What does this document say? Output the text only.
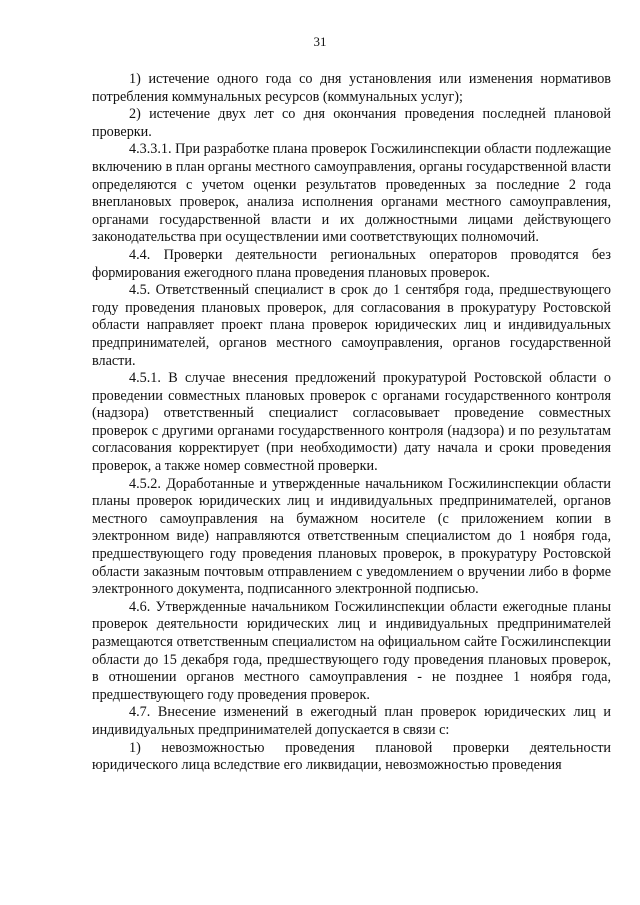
31

1) истечение одного года со дня установления или изменения нормативов потребления коммунальных ресурсов (коммунальных услуг);

2) истечение двух лет со дня окончания проведения последней плановой проверки.

4.3.3.1. При разработке плана проверок Госжилинспекции области подлежащие включению в план органы местного самоуправления, органы государственной власти определяются с учетом оценки результатов проведенных за последние 2 года внеплановых проверок, анализа исполнения органами местного самоуправления, органами государственной власти и их должностными лицами действующего законодательства при осуществлении ими соответствующих полномочий.

4.4. Проверки деятельности региональных операторов проводятся без формирования ежегодного плана проведения плановых проверок.

4.5. Ответственный специалист в срок до 1 сентября года, предшествующего году проведения плановых проверок, для согласования в прокуратуру Ростовской области направляет проект плана проверок юридических лиц и индивидуальных предпринимателей, органов местного самоуправления, органов государственной власти.

4.5.1. В случае внесения предложений прокуратурой Ростовской области о проведении совместных плановых проверок с органами государственного контроля (надзора) ответственный специалист согласовывает проведение совместных проверок с другими органами государственного контроля (надзора) и по результатам согласования корректирует (при необходимости) дату начала и сроки проведения проверок, а также номер совместной проверки.

4.5.2. Доработанные и утвержденные начальником Госжилинспекции области планы проверок юридических лиц и индивидуальных предпринимателей, органов местного самоуправления на бумажном носителе (с приложением копии в электронном виде) направляются ответственным специалистом до 1 ноября года, предшествующего году проведения плановых проверок, в прокуратуру Ростовской области заказным почтовым отправлением с уведомлением о вручении либо в форме электронного документа, подписанного электронной подписью.

4.6. Утвержденные начальником Госжилинспекции области ежегодные планы проверок деятельности юридических лиц и индивидуальных предпринимателей размещаются ответственным специалистом на официальном сайте Госжилинспекции области до 15 декабря года, предшествующего году проведения плановых проверок, в отношении органов местного самоуправления - не позднее 1 ноября года, предшествующего году проведения проверок.

4.7. Внесение изменений в ежегодный план проверок юридических лиц и индивидуальных предпринимателей допускается в связи с:

1) невозможностью проведения плановой проверки деятельности юридического лица вследствие его ликвидации, невозможностью проведения
